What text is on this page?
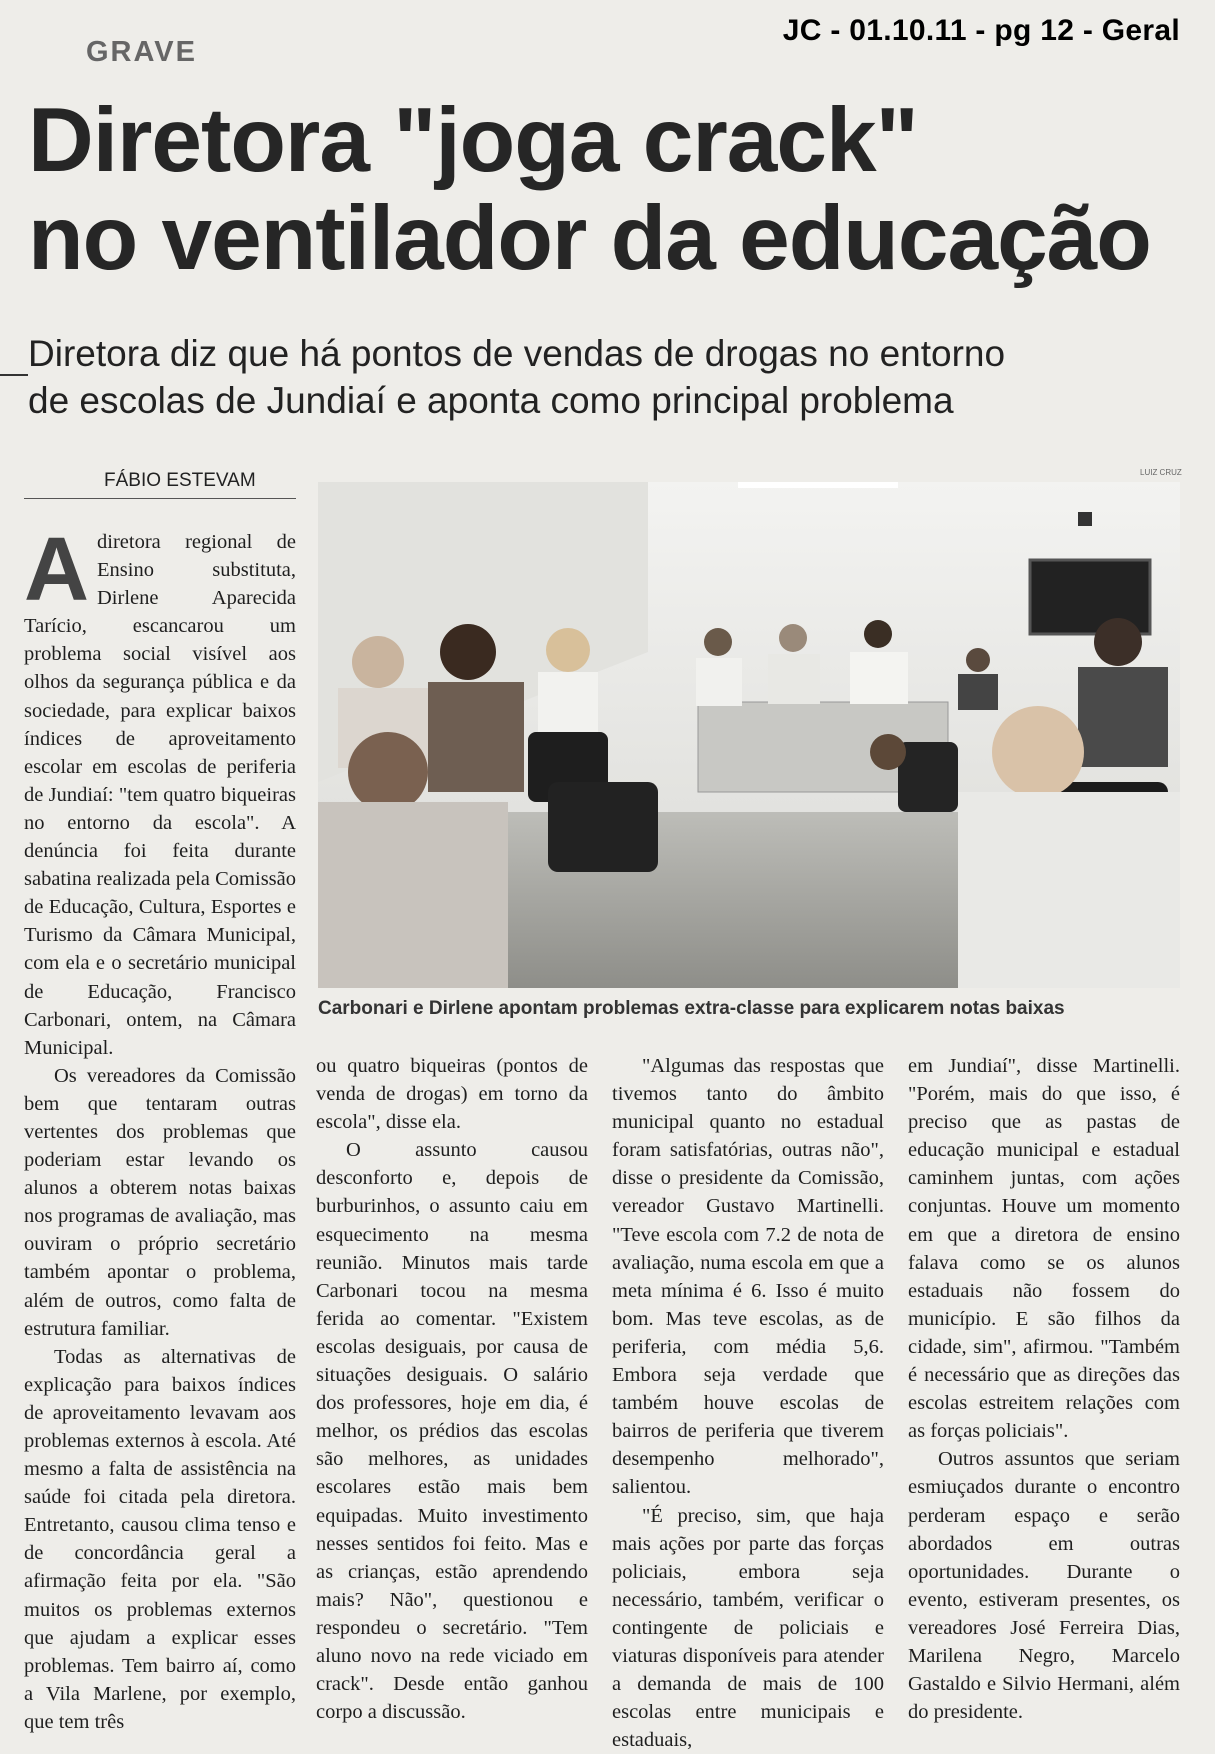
JC - 01.10.11 - pg 12 - Geral
GRAVE
Diretora "joga crack"
no ventilador da educação
Diretora diz que há pontos de vendas de drogas no entorno
de escolas de Jundiaí e aponta como principal problema
FÁBIO ESTEVAM	LUIZ CRUZ
Carbonari e Dirlene apontam problemas extra-classe para explicarem notas baixas

Adiretora regional de Ensino substituta, Dirlene Aparecida Tarício, escancarou um problema social visível aos olhos da segurança pública e da sociedade, para explicar baixos índices de aproveitamento escolar em escolas de periferia de Jundiaí: "tem quatro biqueiras no entorno da escola". A denúncia foi feita durante sabatina realizada pela Comissão de Educação, Cultura, Esportes e Turismo da Câmara Municipal, com ela e o secretário municipal de Educação, Francisco Carbonari, ontem, na Câmara Municipal.

Os vereadores da Comissão bem que tentaram outras vertentes dos problemas que poderiam estar levando os alunos a obterem notas baixas nos programas de avaliação, mas ouviram o próprio secretário também apontar o problema, além de outros, como falta de estrutura familiar.

Todas as alternativas de explicação para baixos índices de aproveitamento levavam aos problemas externos à escola. Até mesmo a falta de assistência na saúde foi citada pela diretora. Entretanto, causou clima tenso e de concordância geral a afirmação feita por ela. "São muitos os problemas externos que ajudam a explicar esses problemas. Tem bairro aí, como a Vila Marlene, por exemplo, que tem três

ou quatro biqueiras (pontos de venda de drogas) em torno da escola", disse ela.

O assunto causou desconforto e, depois de burburinhos, o assunto caiu em esquecimento na mesma reunião. Minutos mais tarde Carbonari tocou na mesma ferida ao comentar. "Existem escolas desiguais, por causa de situações desiguais. O salário dos professores, hoje em dia, é melhor, os prédios das escolas são melhores, as unidades escolares estão mais bem equipadas. Muito investimento nesses sentidos foi feito. Mas e as crianças, estão aprendendo mais? Não", questionou e respondeu o secretário. "Tem aluno novo na rede viciado em crack". Desde então ganhou corpo a discussão.

"Algumas das respostas que tivemos tanto do âmbito municipal quanto no estadual foram satisfatórias, outras não", disse o presidente da Comissão, vereador Gustavo Martinelli. "Teve escola com 7.2 de nota de avaliação, numa escola em que a meta mínima é 6. Isso é muito bom. Mas teve escolas, as de periferia, com média 5,6. Embora seja verdade que também houve escolas de bairros de periferia que tiverem desempenho melhorado", salientou.

"É preciso, sim, que haja mais ações por parte das forças policiais, embora seja necessário, também, verificar o contingente de policiais e viaturas disponíveis para atender a demanda de mais de 100 escolas entre municipais e estaduais,

em Jundiaí", disse Martinelli. "Porém, mais do que isso, é preciso que as pastas de educação municipal e estadual caminhem juntas, com ações conjuntas. Houve um momento em que a diretora de ensino falava como se os alunos estaduais não fossem do município. E são filhos da cidade, sim", afirmou. "Também é necessário que as direções das escolas estreitem relações com as forças policiais".

Outros assuntos que seriam esmiuçados durante o encontro perderam espaço e serão abordados em outras oportunidades. Durante o evento, estiveram presentes, os vereadores José Ferreira Dias, Marilena Negro, Marcelo Gastaldo e Silvio Hermani, além do presidente.
